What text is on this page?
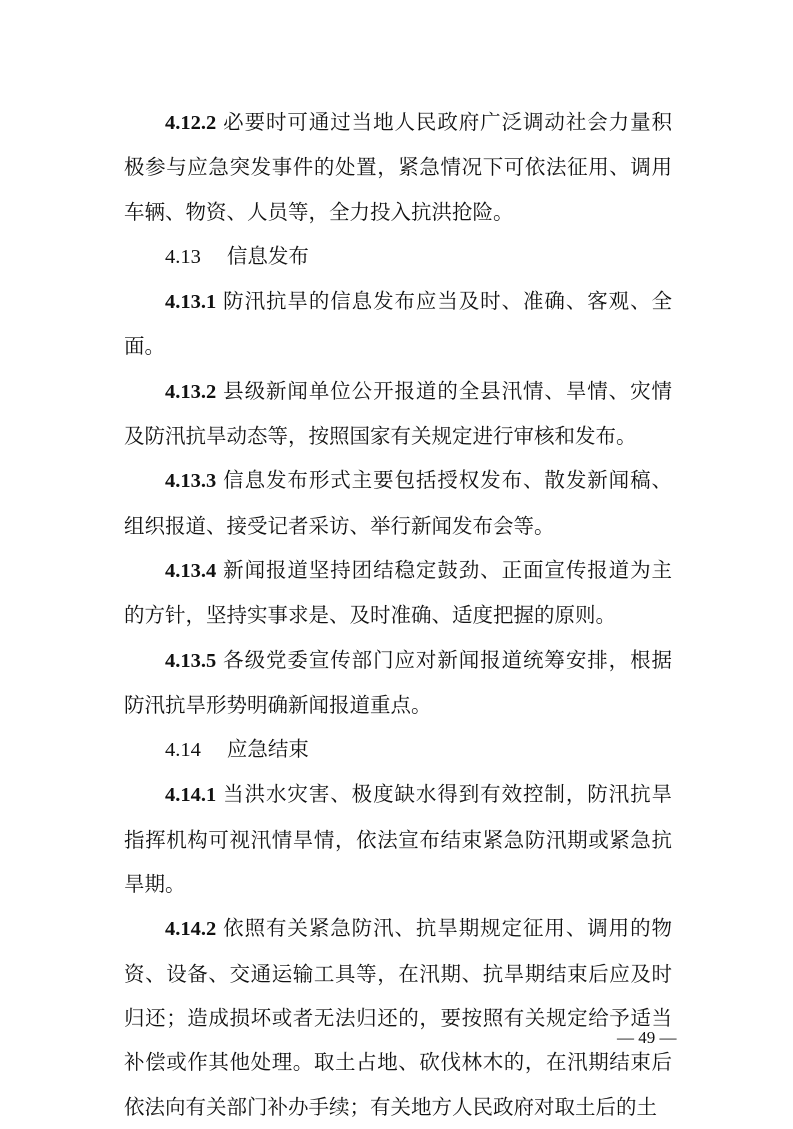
4.12.2 必要时可通过当地人民政府广泛调动社会力量积极参与应急突发事件的处置，紧急情况下可依法征用、调用车辆、物资、人员等，全力投入抗洪抢险。

4.13 信息发布

4.13.1 防汛抗旱的信息发布应当及时、准确、客观、全面。

4.13.2 县级新闻单位公开报道的全县汛情、旱情、灾情及防汛抗旱动态等，按照国家有关规定进行审核和发布。

4.13.3 信息发布形式主要包括授权发布、散发新闻稿、组织报道、接受记者采访、举行新闻发布会等。

4.13.4 新闻报道坚持团结稳定鼓劲、正面宣传报道为主的方针，坚持实事求是、及时准确、适度把握的原则。

4.13.5 各级党委宣传部门应对新闻报道统筹安排，根据防汛抗旱形势明确新闻报道重点。

4.14 应急结束

4.14.1 当洪水灾害、极度缺水得到有效控制，防汛抗旱指挥机构可视汛情旱情，依法宣布结束紧急防汛期或紧急抗旱期。

4.14.2 依照有关紧急防汛、抗旱期规定征用、调用的物资、设备、交通运输工具等，在汛期、抗旱期结束后应及时归还；造成损坏或者无法归还的，要按照有关规定给予适当补偿或作其他处理。取土占地、砍伐林木的，在汛期结束后依法向有关部门补办手续；有关地方人民政府对取土后的土

— 49 —
